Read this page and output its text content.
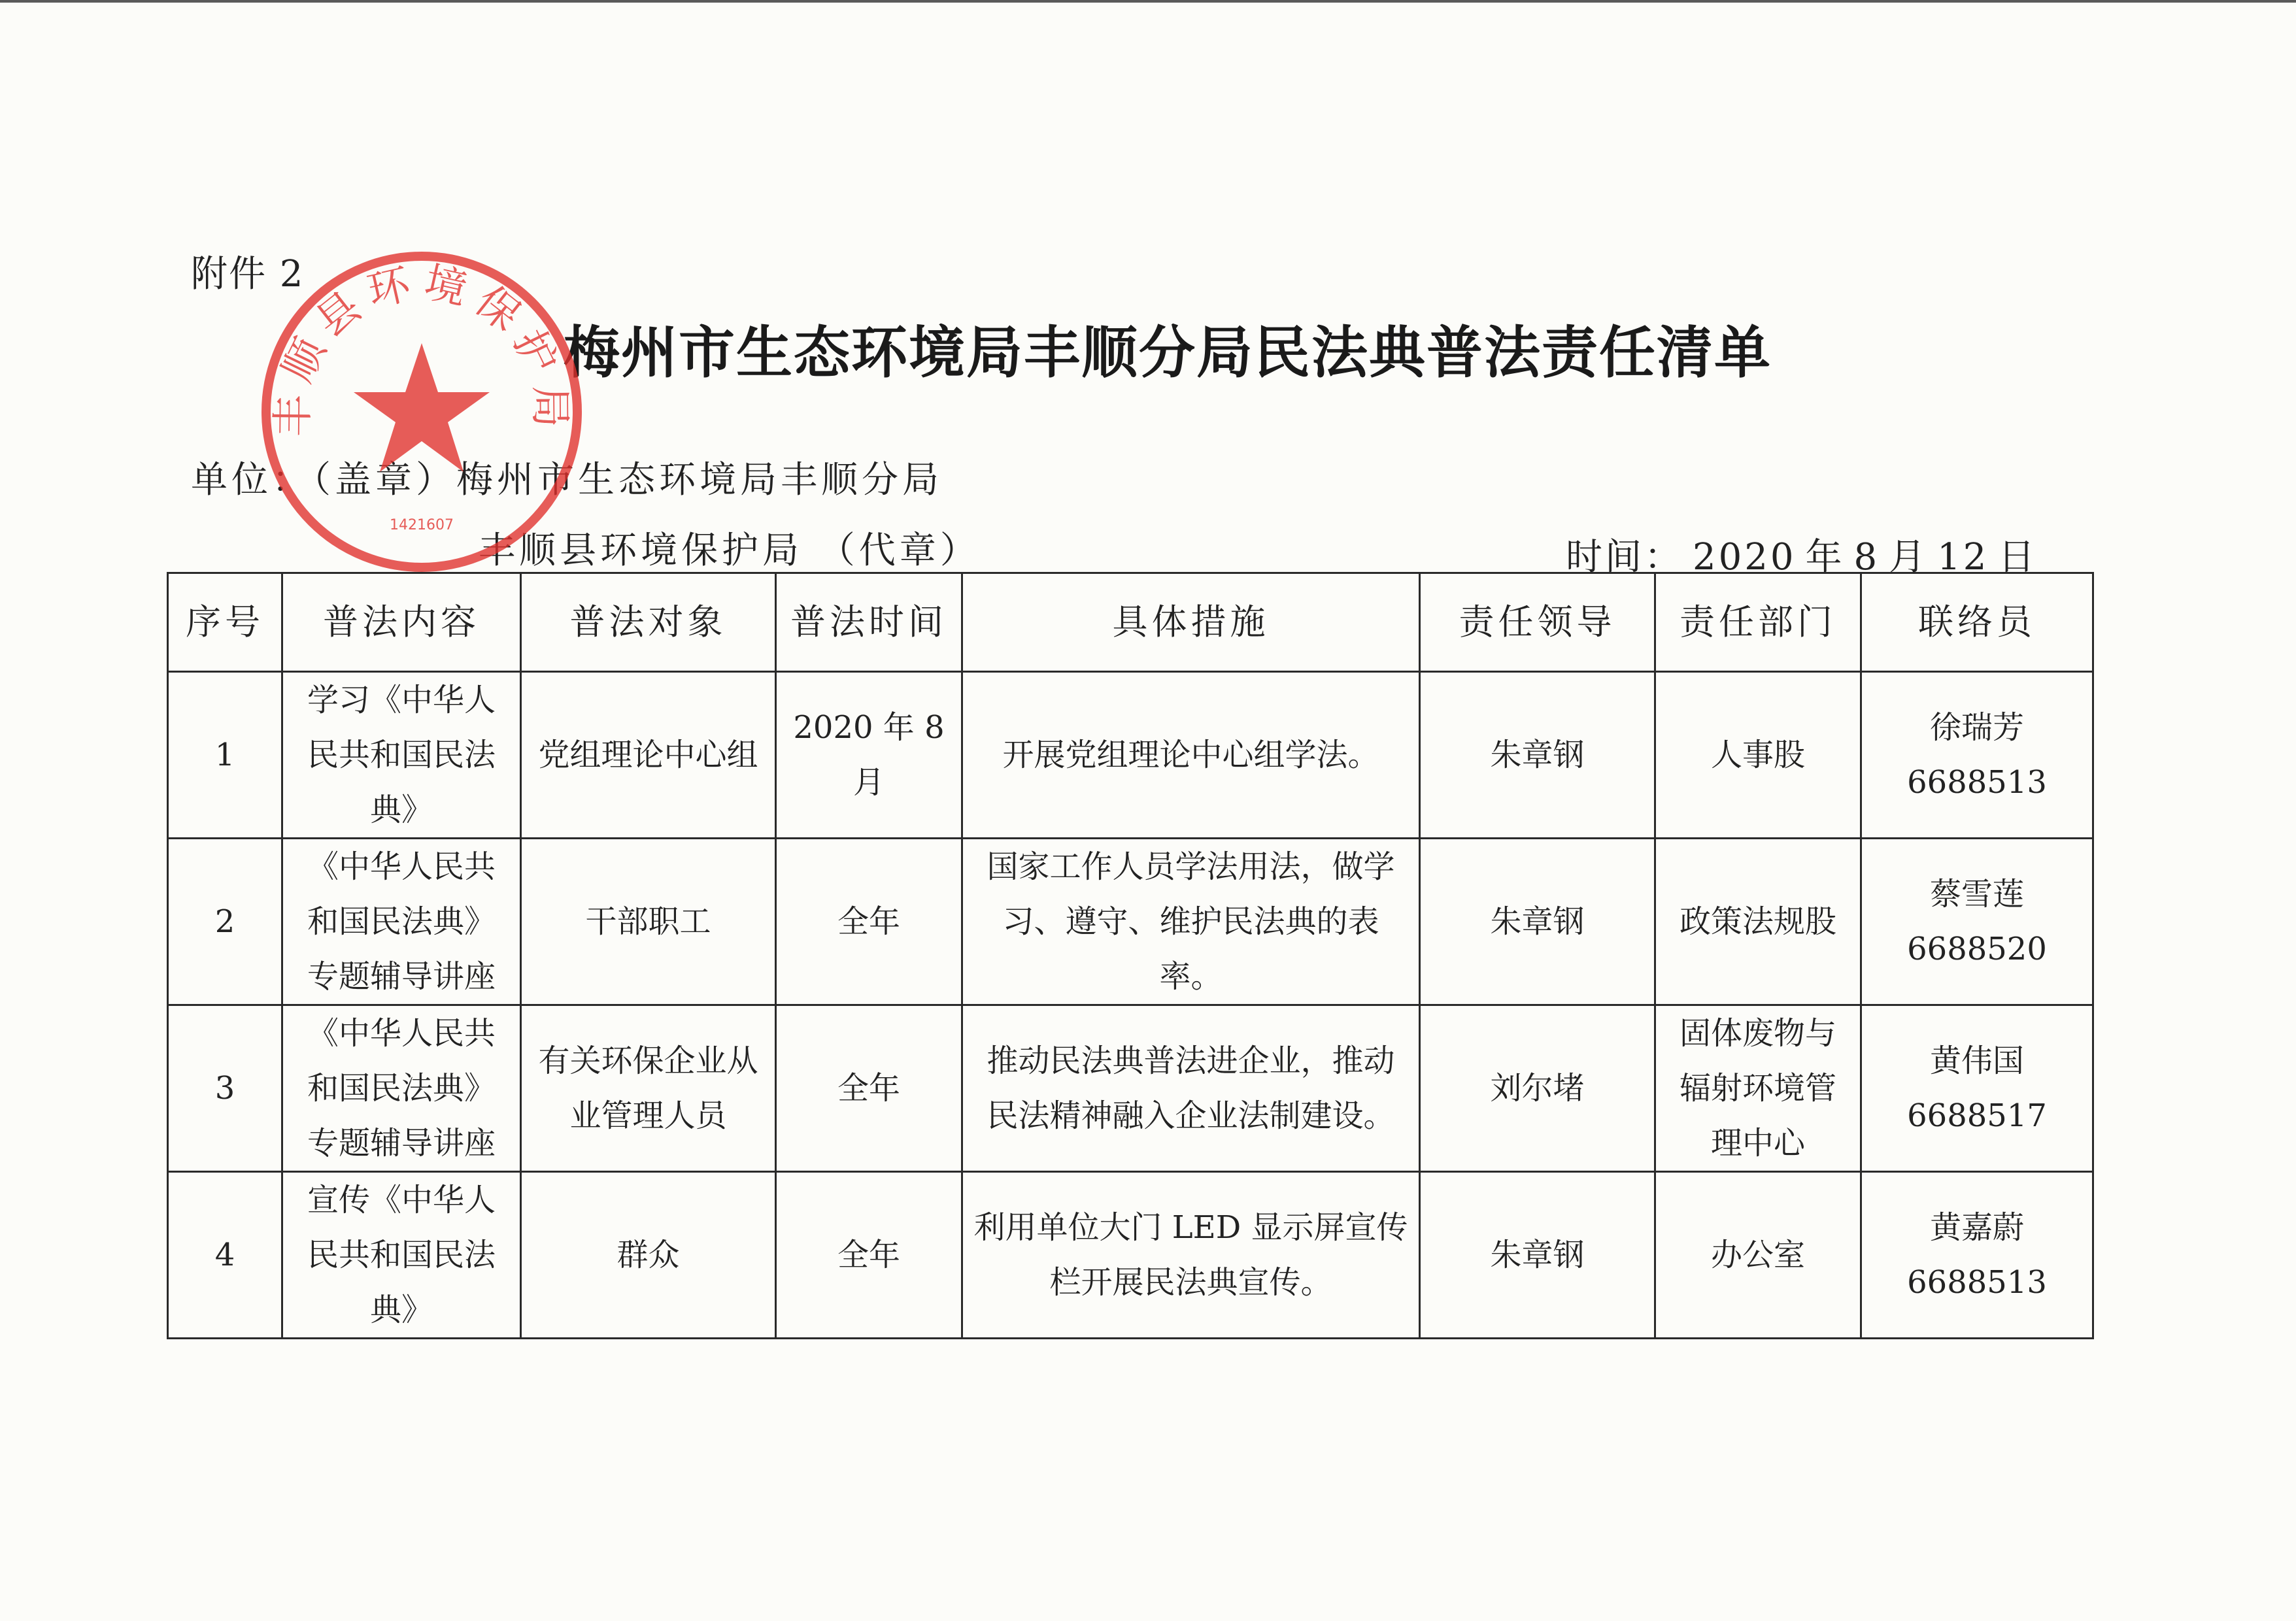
附件 2
梅州市生态环境局丰顺分局民法典普法责任清单
单位：（盖章）梅州市生态环境局丰顺分局
丰顺县环境保护局 （代章）	时间： 2020 年 8 月 12 日
序号	普法内容	普法对象	普法时间	具体措施	责任领导	责任部门	联络员
1	学习《中华人民共和国民法典》	党组理论中心组	2020 年 8 月	开展党组理论中心组学法。	朱章钢	人事股	徐瑞芳
6688513

2	《中华人民共和国民法典》专题辅导讲座	干部职工	全年	国家工作人员学法用法，做学习、遵守、维护民法典的表率。	朱章钢	政策法规股	蔡雪莲
6688520

3	《中华人民共和国民法典》专题辅导讲座	有关环保企业从业管理人员	全年	推动民法典普法进企业，推动民法精神融入企业法制建设。	刘尔堵	固体废物与辐射环境管理中心	黄伟国
6688517

4	宣传《中华人民共和国民法典》	群众	全年	利用单位大门 LED 显示屏宣传栏开展民法典宣传。	朱章钢	办公室	黄嘉蔚
6688513
丰顺县环境保护局
1421607
